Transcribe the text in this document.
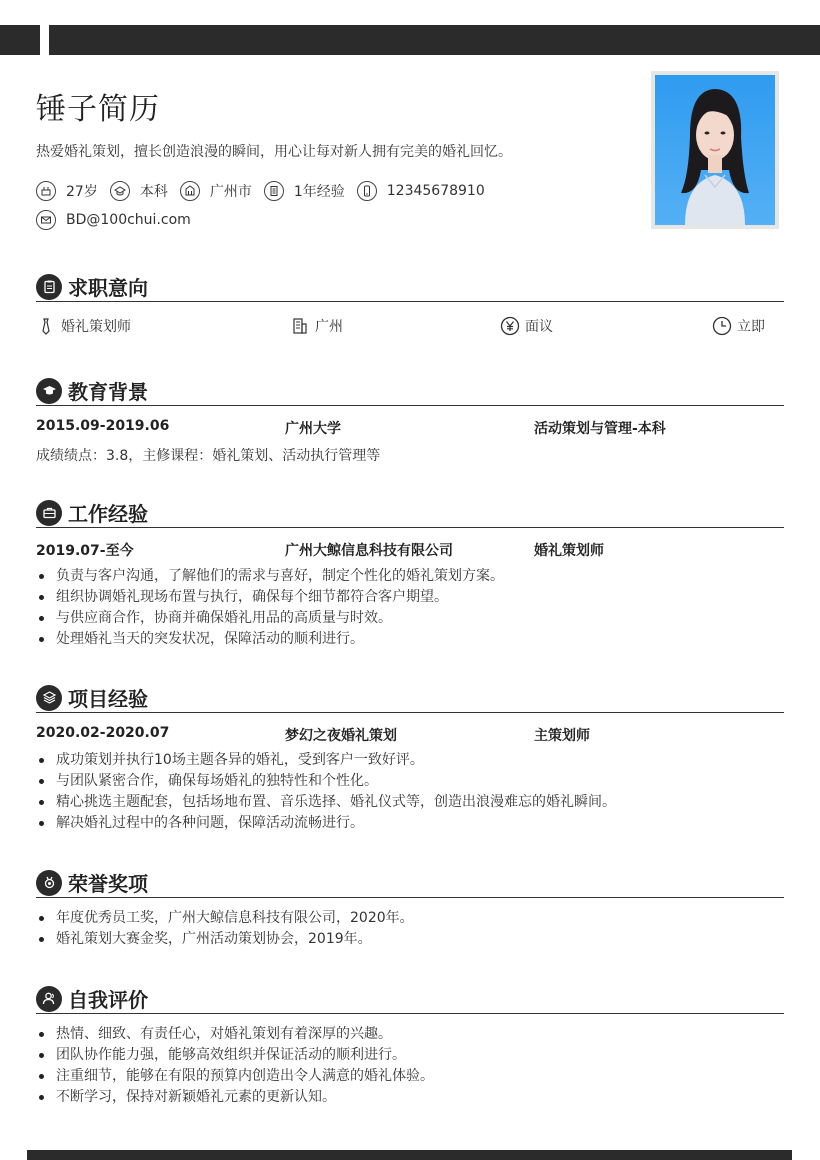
锤子简历
热爱婚礼策划，擅长创造浪漫的瞬间，用心让每对新人拥有完美的婚礼回忆。
27岁	本科	广州市	1年经验	12345678910
BD@100chui.com
求职意向
婚礼策划师	广州	面议	立即
教育背景
2015.09-2019.06	广州大学	活动策划与管理-本科
成绩绩点：3.8，主修课程：婚礼策划、活动执行管理等
工作经验
2019.07-至今	广州大鲸信息科技有限公司	婚礼策划师
负责与客户沟通，了解他们的需求与喜好，制定个性化的婚礼策划方案。
组织协调婚礼现场布置与执行，确保每个细节都符合客户期望。
与供应商合作，协商并确保婚礼用品的高质量与时效。
处理婚礼当天的突发状况，保障活动的顺利进行。
项目经验
2020.02-2020.07	梦幻之夜婚礼策划	主策划师
成功策划并执行10场主题各异的婚礼，受到客户一致好评。
与团队紧密合作，确保每场婚礼的独特性和个性化。
精心挑选主题配套，包括场地布置、音乐选择、婚礼仪式等，创造出浪漫难忘的婚礼瞬间。
解决婚礼过程中的各种问题，保障活动流畅进行。
荣誉奖项
年度优秀员工奖，广州大鲸信息科技有限公司，2020年。
婚礼策划大赛金奖，广州活动策划协会，2019年。
自我评价
热情、细致、有责任心，对婚礼策划有着深厚的兴趣。
团队协作能力强，能够高效组织并保证活动的顺利进行。
注重细节，能够在有限的预算内创造出令人满意的婚礼体验。
不断学习，保持对新颖婚礼元素的更新认知。
